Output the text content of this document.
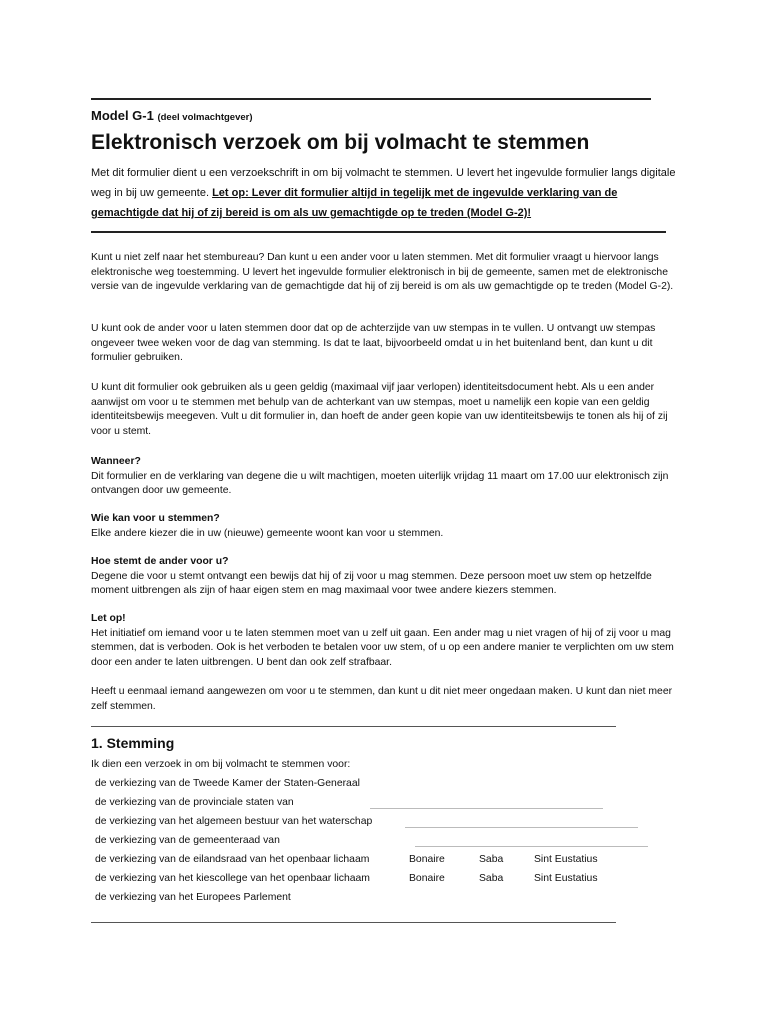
Model G-1 (deel volmachtgever)
Elektronisch verzoek om bij volmacht te stemmen
Met dit formulier dient u een verzoekschrift in om bij volmacht te stemmen. U levert het ingevulde formulier langs digitale weg in bij uw gemeente. Let op: Lever dit formulier altijd in tegelijk met de ingevulde verklaring van de gemachtigde dat hij of zij bereid is om als uw gemachtigde op te treden (Model G-2)!

Kunt u niet zelf naar het stembureau? Dan kunt u een ander voor u laten stemmen. Met dit formulier vraagt u hiervoor langs elektronische weg toestemming. U levert het ingevulde formulier elektronisch in bij de gemeente, samen met de elektronische versie van de ingevulde verklaring van de gemachtigde dat hij of zij bereid is om als uw gemachtigde op te treden (Model G-2).

U kunt ook de ander voor u laten stemmen door dat op de achterzijde van uw stempas in te vullen. U ontvangt uw stempas ongeveer twee weken voor de dag van stemming. Is dat te laat, bijvoorbeeld omdat u in het buitenland bent, dan kunt u dit formulier gebruiken.

U kunt dit formulier ook gebruiken als u geen geldig (maximaal vijf jaar verlopen) identiteitsdocument hebt. Als u een ander aanwijst om voor u te stemmen met behulp van de achterkant van uw stempas, moet u namelijk een kopie van een geldig identiteitsbewijs meegeven. Vult u dit formulier in, dan hoeft de ander geen kopie van uw identiteitsbewijs te tonen als hij of zij voor u stemt.

Wanneer?
Dit formulier en de verklaring van degene die u wilt machtigen, moeten uiterlijk vrijdag 11 maart om 17.00 uur elektronisch zijn ontvangen door uw gemeente.
Wie kan voor u stemmen?
Elke andere kiezer die in uw (nieuwe) gemeente woont kan voor u stemmen.
Hoe stemt de ander voor u?
Degene die voor u stemt ontvangt een bewijs dat hij of zij voor u mag stemmen. Deze persoon moet uw stem op hetzelfde moment uitbrengen als zijn of haar eigen stem en mag maximaal voor twee andere kiezers stemmen.
Let op!
Het initiatief om iemand voor u te laten stemmen moet van u zelf uit gaan. Een ander mag u niet vragen of hij of zij voor u mag stemmen, dat is verboden. Ook is het verboden te betalen voor uw stem, of u op een andere manier te verplichten om uw stem door een ander te laten uitbrengen. U bent dan ook zelf strafbaar.

Heeft u eenmaal iemand aangewezen om voor u te stemmen, dan kunt u dit niet meer ongedaan maken. U kunt dan niet meer zelf stemmen.

1. Stemming
Ik dien een verzoek in om bij volmacht te stemmen voor:
de verkiezing van de Tweede Kamer der Staten-Generaal
de verkiezing van de provinciale staten van
de verkiezing van het algemeen bestuur van het waterschap
de verkiezing van de gemeenteraad van
de verkiezing van de eilandsraad van het openbaar lichaam	Bonaire	Saba	Sint Eustatius
de verkiezing van het kiescollege van het openbaar lichaam	Bonaire	Saba	Sint Eustatius
de verkiezing van het Europees Parlement
